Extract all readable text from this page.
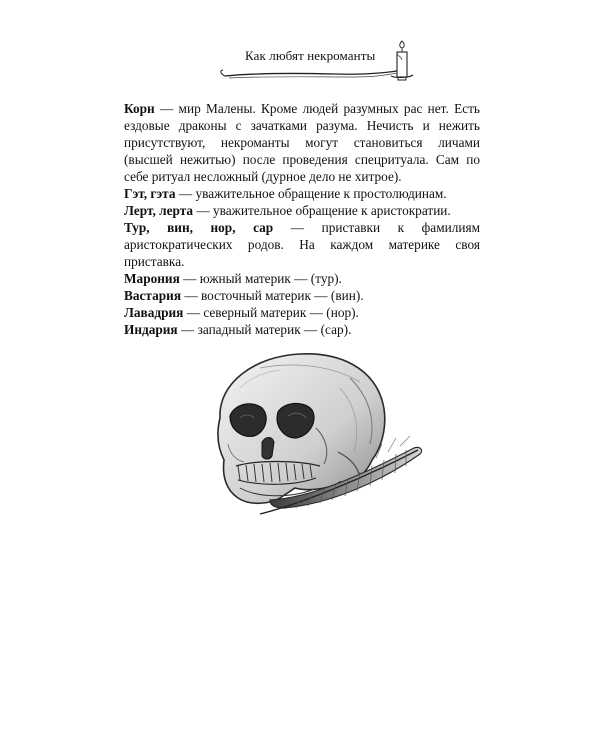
Как любят некроманты

Корн — мир Малены. Кроме людей разумных рас нет. Есть ездовые драконы с зачатками разума. Нечисть и нежить присутствуют, некроманты могут становиться личами (высшей нежитью) после проведения спецритуала. Сам по себе ритуал несложный (дурное дело не хитрое).

Гэт, гэта — уважительное обращение к простолюдинам.

Лерт, лерта — уважительное обращение к аристократии.

Тур, вин, нор, сар — приставки к фамилиям аристократических родов. На каждом материке своя приставка.

Марония — южный материк — (тур).

Вастария — восточный материк — (вин).

Лавадрия — северный материк — (нор).

Индария — западный материк — (сар).
